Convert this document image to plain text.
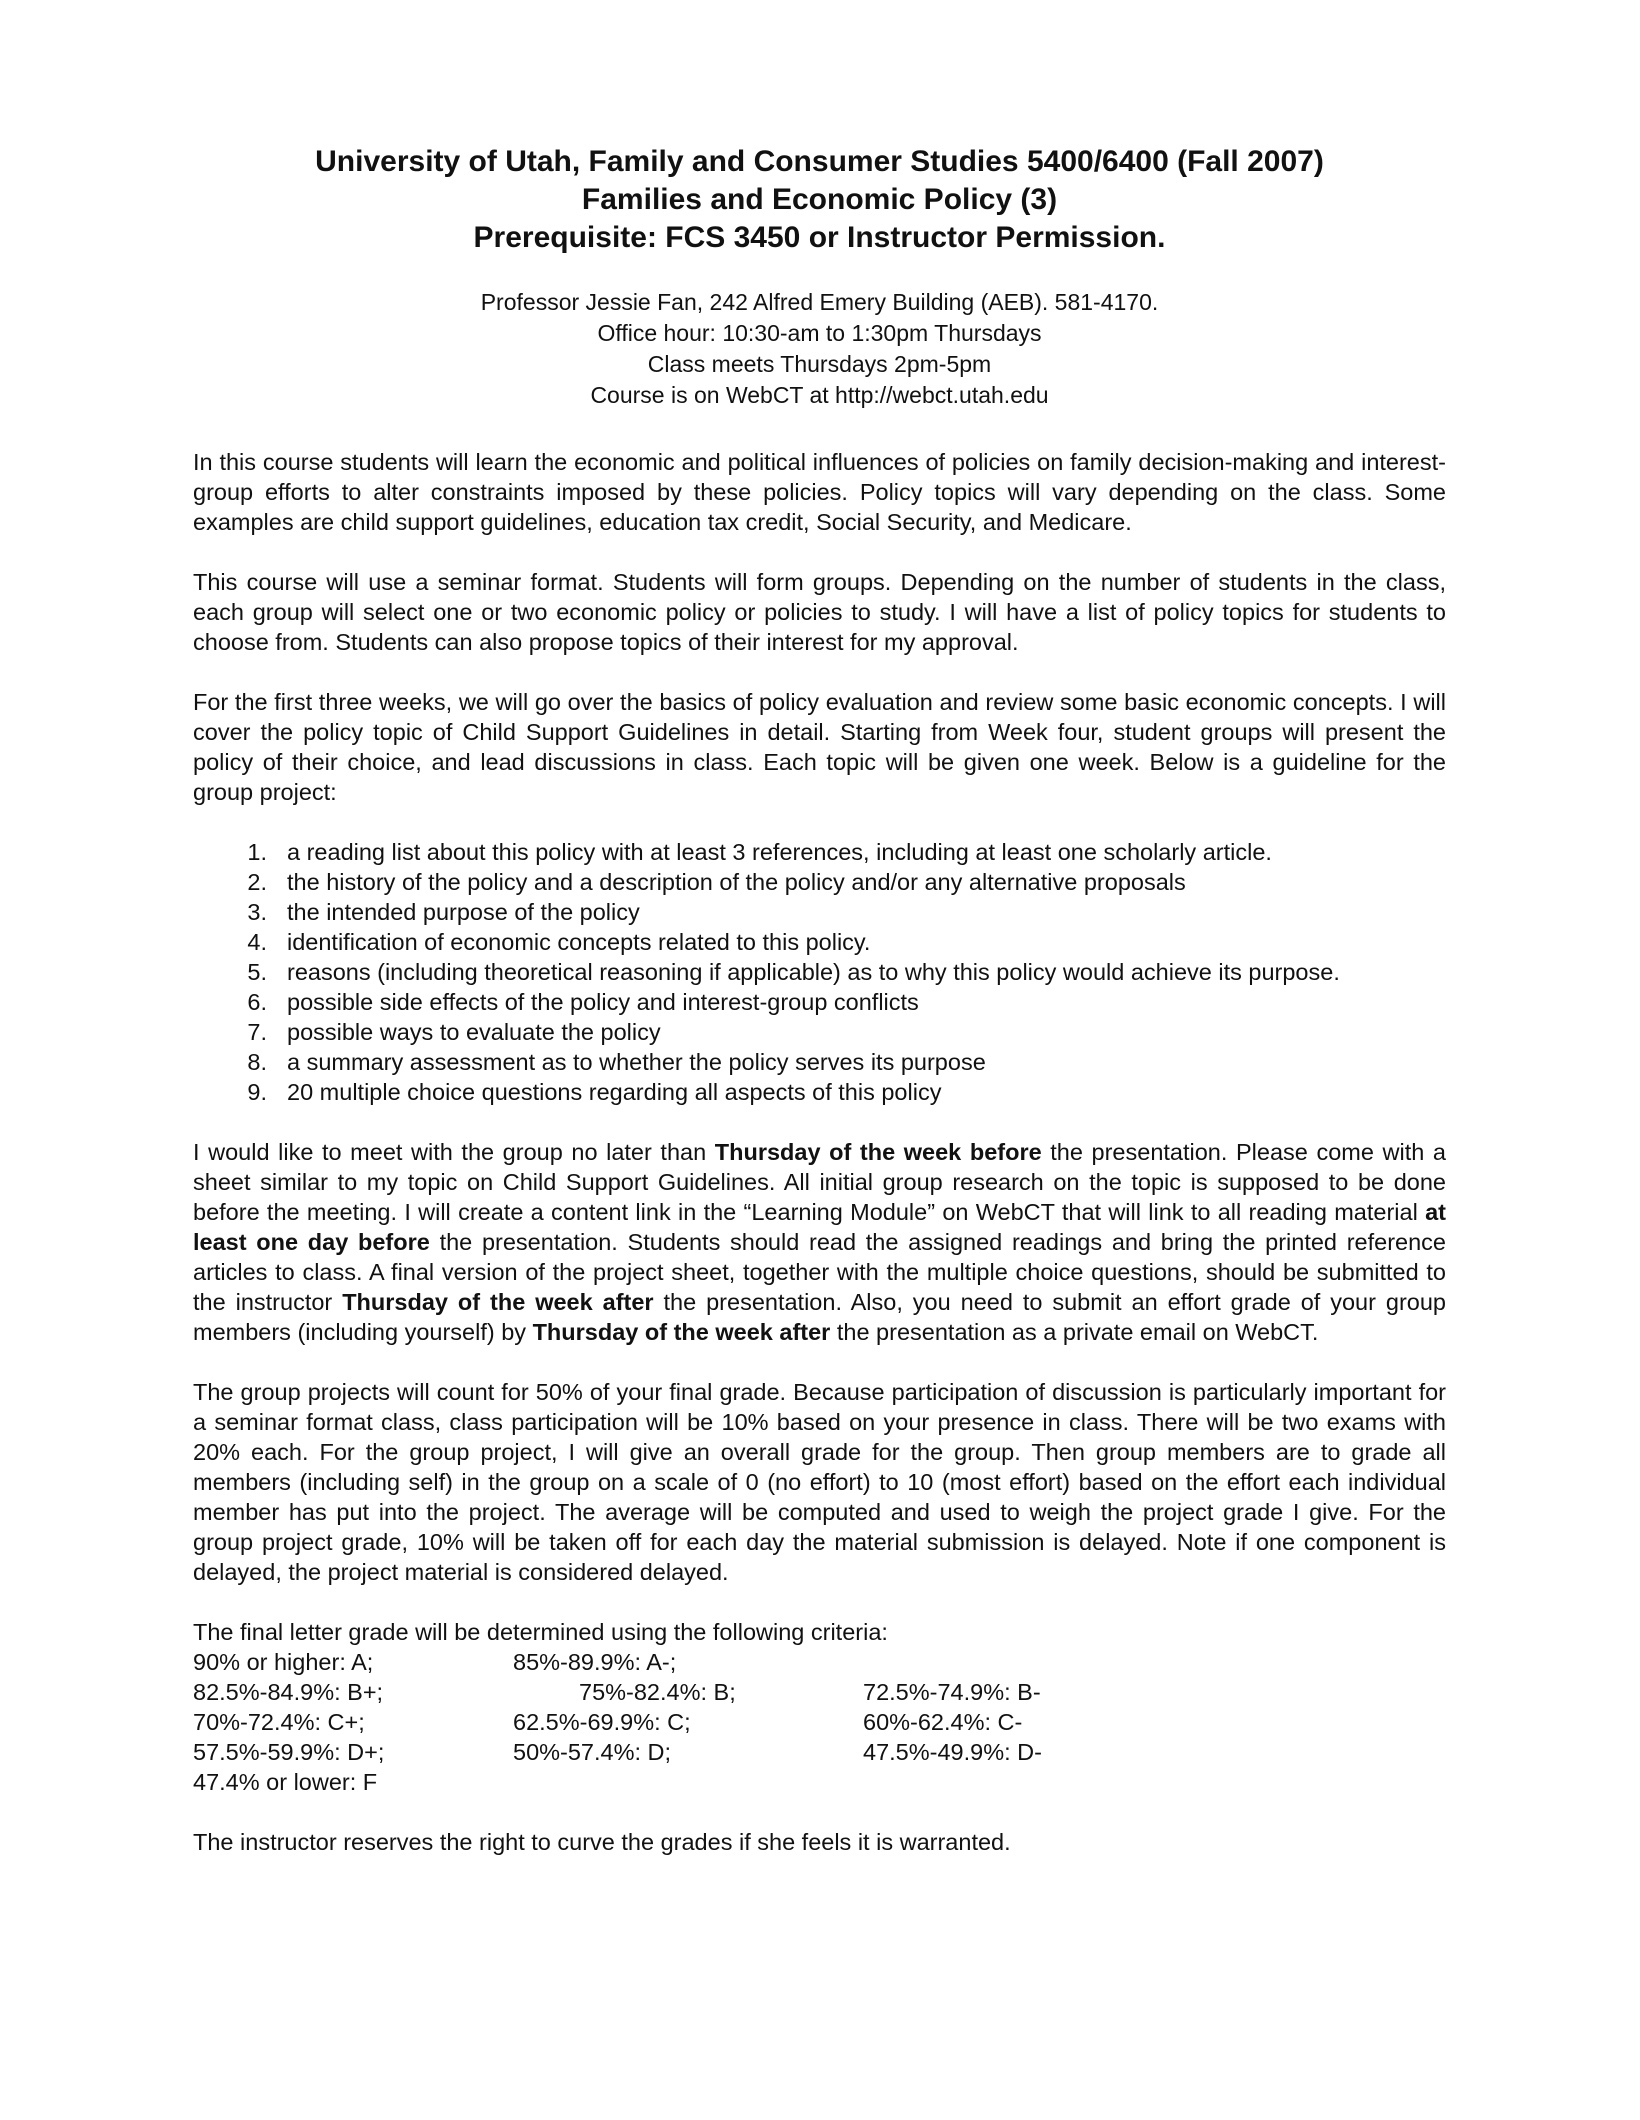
University of Utah, Family and Consumer Studies 5400/6400 (Fall 2007)
Families and Economic Policy (3)
Prerequisite: FCS 3450 or Instructor Permission.
Professor Jessie Fan, 242 Alfred Emery Building (AEB). 581-4170.
Office hour: 10:30-am to 1:30pm Thursdays
Class meets Thursdays 2pm-5pm
Course is on WebCT at http://webct.utah.edu

In this course students will learn the economic and political influences of policies on family decision-making and interest-group efforts to alter constraints imposed by these policies. Policy topics will vary depending on the class. Some examples are child support guidelines, education tax credit, Social Security, and Medicare.

This course will use a seminar format. Students will form groups. Depending on the number of students in the class, each group will select one or two economic policy or policies to study. I will have a list of policy topics for students to choose from. Students can also propose topics of their interest for my approval.

For the first three weeks, we will go over the basics of policy evaluation and review some basic economic concepts. I will cover the policy topic of Child Support Guidelines in detail. Starting from Week four, student groups will present the policy of their choice, and lead discussions in class. Each topic will be given one week. Below is a guideline for the group project:

1. a reading list about this policy with at least 3 references, including at least one scholarly article.
2. the history of the policy and a description of the policy and/or any alternative proposals
3. the intended purpose of the policy
4. identification of economic concepts related to this policy.
5. reasons (including theoretical reasoning if applicable) as to why this policy would achieve its purpose.
6. possible side effects of the policy and interest-group conflicts
7. possible ways to evaluate the policy
8. a summary assessment as to whether the policy serves its purpose
9. 20 multiple choice questions regarding all aspects of this policy

I would like to meet with the group no later than Thursday of the week before the presentation. Please come with a sheet similar to my topic on Child Support Guidelines. All initial group research on the topic is supposed to be done before the meeting. I will create a content link in the “Learning Module” on WebCT that will link to all reading material at least one day before the presentation. Students should read the assigned readings and bring the printed reference articles to class. A final version of the project sheet, together with the multiple choice questions, should be submitted to the instructor Thursday of the week after the presentation. Also, you need to submit an effort grade of your group members (including yourself) by Thursday of the week after the presentation as a private email on WebCT.

The group projects will count for 50% of your final grade. Because participation of discussion is particularly important for a seminar format class, class participation will be 10% based on your presence in class. There will be two exams with 20% each. For the group project, I will give an overall grade for the group. Then group members are to grade all members (including self) in the group on a scale of 0 (no effort) to 10 (most effort) based on the effort each individual member has put into the project. The average will be computed and used to weigh the project grade I give. For the group project grade, 10% will be taken off for each day the material submission is delayed. Note if one component is delayed, the project material is considered delayed.

The final letter grade will be determined using the following criteria:

90% or higher: A;	85%-89.9%: A-;
82.5%-84.9%: B+;	75%-82.4%: B;	72.5%-74.9%: B-
70%-72.4%: C+;	62.5%-69.9%: C;	60%-62.4%: C-
57.5%-59.9%: D+;	50%-57.4%: D;	47.5%-49.9%: D-
47.4% or lower: F

The instructor reserves the right to curve the grades if she feels it is warranted.
